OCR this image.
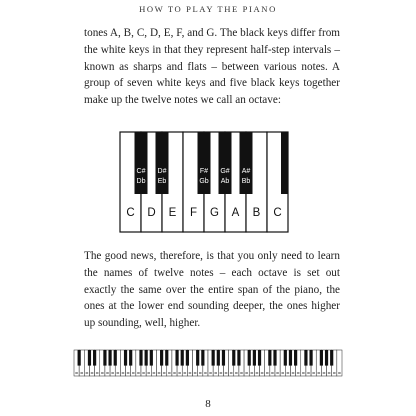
HOW TO PLAY THE PIANO

tones A, B, C, D, E, F, and G. The black keys differ from the white keys in that they represent half-step intervals – known as sharps and flats – between various notes. A group of seven white keys and five black keys together make up the twelve notes we call an octave:

C D E F G A B C
C#
Db
D#
Eb
F#
Gb
G#
Ab
A#
Bb

The good news, therefore, is that you only need to learn the names of twelve notes – each octave is set out exactly the same over the entire span of the piano, the ones at the lower end sounding deeper, the ones higher up sounding, well, higher.

8
